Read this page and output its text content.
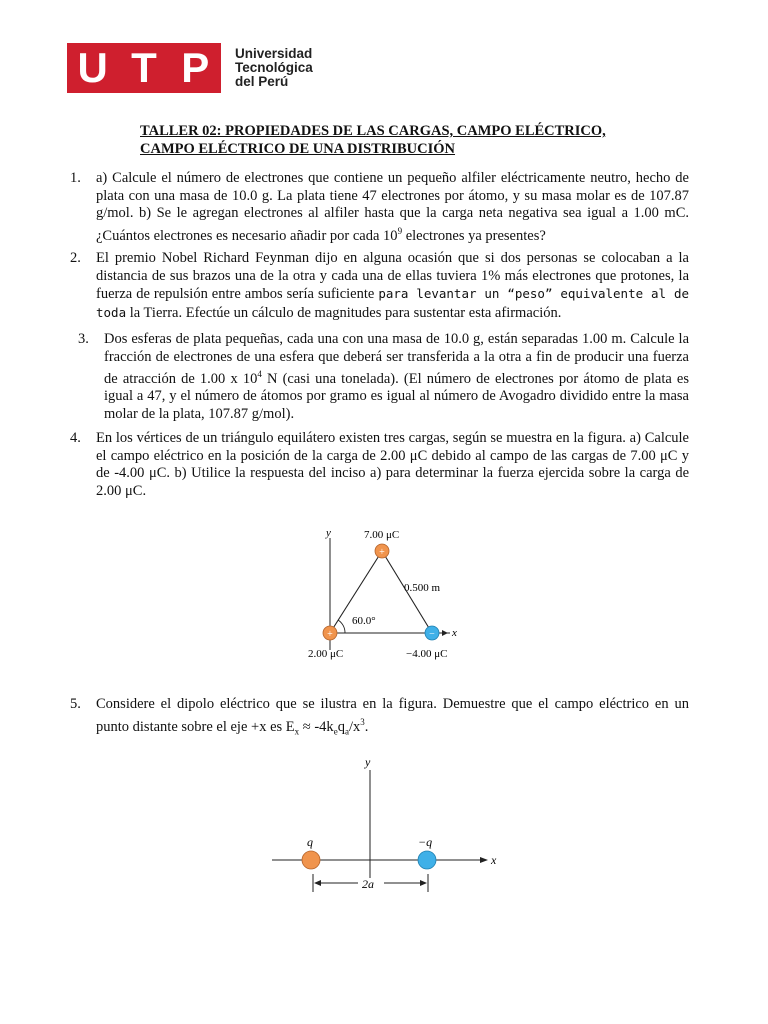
U T P	Universidad
Tecnológica
del Perú
TALLER 02: PROPIEDADES DE LAS CARGAS, CAMPO ELÉCTRICO,
CAMPO ELÉCTRICO DE UNA DISTRIBUCIÓN
1. a) Calcule el número de electrones que contiene un pequeño alfiler eléctricamente neutro, hecho de plata con una masa de 10.0 g. La plata tiene 47 electrones por átomo, y su masa molar es de 107.87 g/mol. b) Se le agregan electrones al alfiler hasta que la carga neta negativa sea igual a 1.00 mC. ¿Cuántos electrones es necesario añadir por cada $10^9$ electrones ya presentes?
2. El premio Nobel Richard Feynman dijo en alguna ocasión que si dos personas se colocaban a la distancia de sus brazos una de la otra y cada una de ellas tuviera 1% más electrones que protones, la fuerza de repulsión entre ambos sería suficiente para levantar un “peso” equivalente al de toda la Tierra. Efectúe un cálculo de magnitudes para sustentar esta afirmación.
3. Dos esferas de plata pequeñas, cada una con una masa de 10.0 g, están separadas 1.00 m. Calcule la fracción de electrones de una esfera que deberá ser transferida a la otra a fin de producir una fuerza de atracción de 1.00 x $10^4$ N (casi una tonelada). (El número de electrones por átomo de plata es igual a 47, y el número de átomos por gramo es igual al número de Avogadro dividido entre la masa molar de la plata, 107.87 g/mol).
4. En los vértices de un triángulo equilátero existen tres cargas, según se muestra en la figura. a) Calcule el campo eléctrico en la posición de la carga de 2.00 μC debido al campo de las cargas de 7.00 μC y de -4.00 μC. b) Utilice la respuesta del inciso a) para determinar la fuerza ejercida sobre la carga de 2.00 μC.
y
x
60.0°
0.500 m
7.00 μC
2.00 μC	−4.00 μC
+
+	−
5. Considere el dipolo eléctrico que se ilustra en la figura. Demuestre que el campo eléctrico en un punto distante sobre el eje +x es $E_x \approx -4k_eq_a/x^3$.
y
x
q	−q
2a
